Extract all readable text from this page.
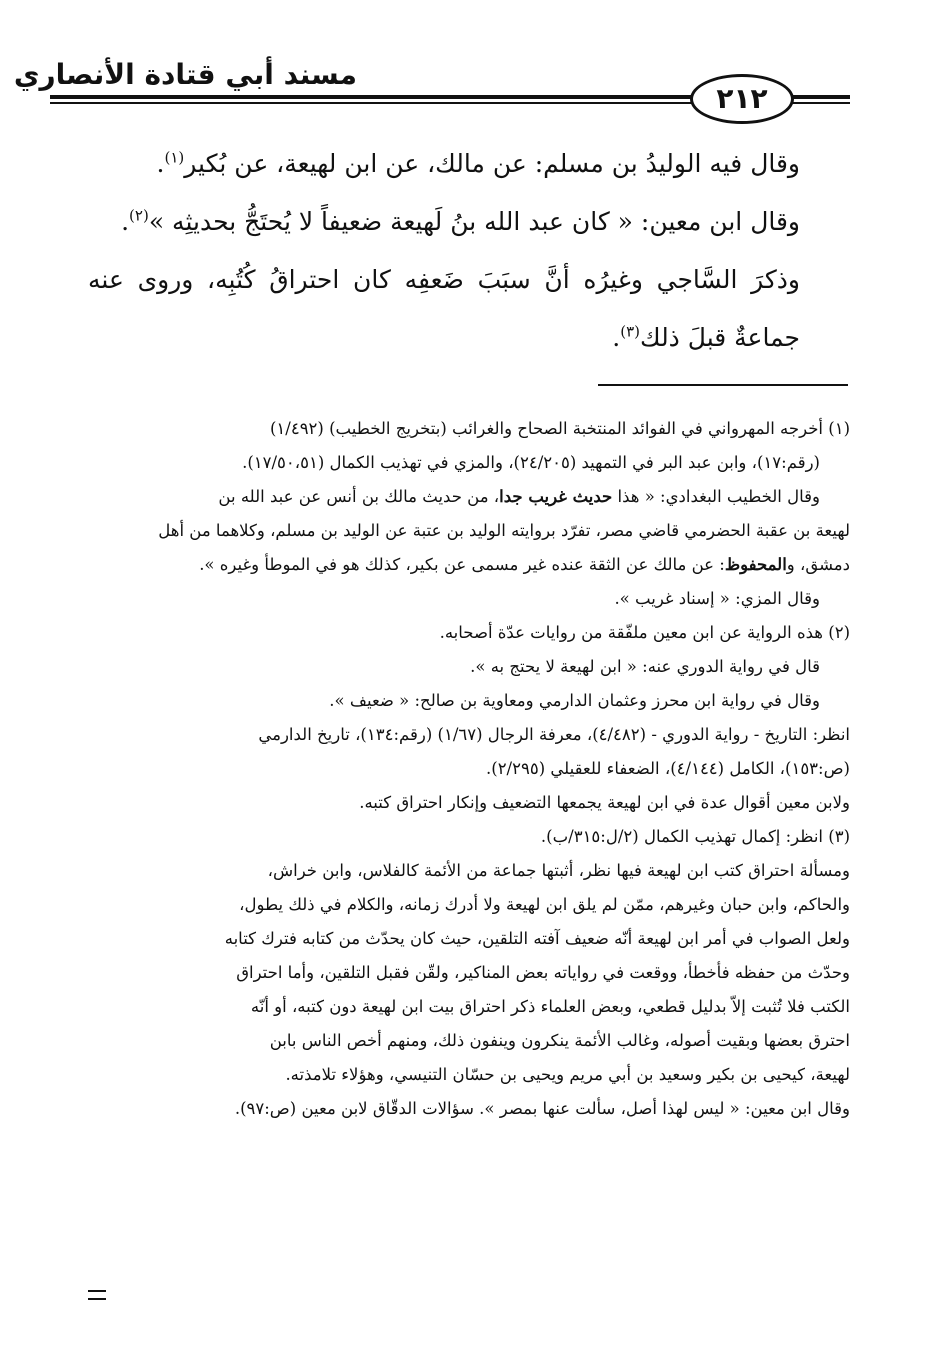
مسند أبي قتادة الأنصاري
٢١٢

وقال فيه الوليدُ بن مسلم: عن مالك، عن ابن لهيعة، عن بُكير$^{(١)}$.

وقال ابن معين: « كان عبد الله بنُ لَهيعة ضعيفاً لا يُحتَجُّ بحديثِه »$^{(٢)}$.

وذكرَ السَّاجي وغيرُه أنَّ سبَبَ ضَعفِه كان احتراقُ كُتُبِه، وروى عنه جماعةٌ قبلَ ذلك$^{(٣)}$.

(١) أخرجه المهرواني في الفوائد المنتخبة الصحاح والغرائب (بتخريج الخطيب) (١/٤٩٢)

(رقم:١٧)، وابن عبد البر في التمهيد (٢٤/٢٠٥)، والمزي في تهذيب الكمال (١٧/٥٠،٥١).

وقال الخطيب البغدادي: « هذا حديث غريب جدا، من حديث مالك بن أنس عن عبد الله بن

لهيعة بن عقبة الحضرمي قاضي مصر، تفرّد بروايته الوليد بن عتبة عن الوليد بن مسلم، وكلاهما من أهل

دمشق، والمحفوظ: عن مالك عن الثقة عنده غير مسمى عن بكير، كذلك هو في الموطأ وغيره ».

وقال المزي: « إسناد غريب ».

(٢) هذه الرواية عن ابن معين ملفّقة من روايات عدّة أصحابه.

قال في رواية الدوري عنه: « ابن لهيعة لا يحتج به ».

وقال في رواية ابن محرز وعثمان الدارمي ومعاوية بن صالح: « ضعيف ».

انظر: التاريخ - رواية الدوري - (٤/٤٨٢)، معرفة الرجال (١/٦٧) (رقم:١٣٤)، تاريخ الدارمي

(ص:١٥٣)، الكامل (٤/١٤٤)، الضعفاء للعقيلي (٢/٢٩٥).

ولابن معين أقوال عدة في ابن لهيعة يجمعها التضعيف وإنكار احتراق كتبه.

(٣) انظر: إكمال تهذيب الكمال (٢/ل:٣١٥/ب).

ومسألة احتراق كتب ابن لهيعة فيها نظر، أثبتها جماعة من الأئمة كالفلاس، وابن خراش،

والحاكم، وابن حبان وغيرهم، ممّن لم يلق ابن لهيعة ولا أدرك زمانه، والكلام في ذلك يطول،

ولعل الصواب في أمر ابن لهيعة أنّه ضعيف آفته التلقين، حيث كان يحدّث من كتابه فترك كتابه

وحدّث من حفظه فأخطأ، ووقعت في رواياته بعض المناكير، ولقّن فقبل التلقين، وأما احتراق

الكتب فلا تُثبت إلاّ بدليل قطعي، وبعض العلماء ذكر احتراق بيت ابن لهيعة دون كتبه، أو أنّه

احترق بعضها وبقيت أصوله، وغالب الأئمة ينكرون وينفون ذلك، ومنهم أخص الناس بابن

لهيعة، كيحيى بن بكير وسعيد بن أبي مريم ويحيى بن حسّان التنيسي، وهؤلاء تلامذته.

وقال ابن معين: « ليس لهذا أصل، سألت عنها بمصر ». سؤالات الدقّاق لابن معين (ص:٩٧).
